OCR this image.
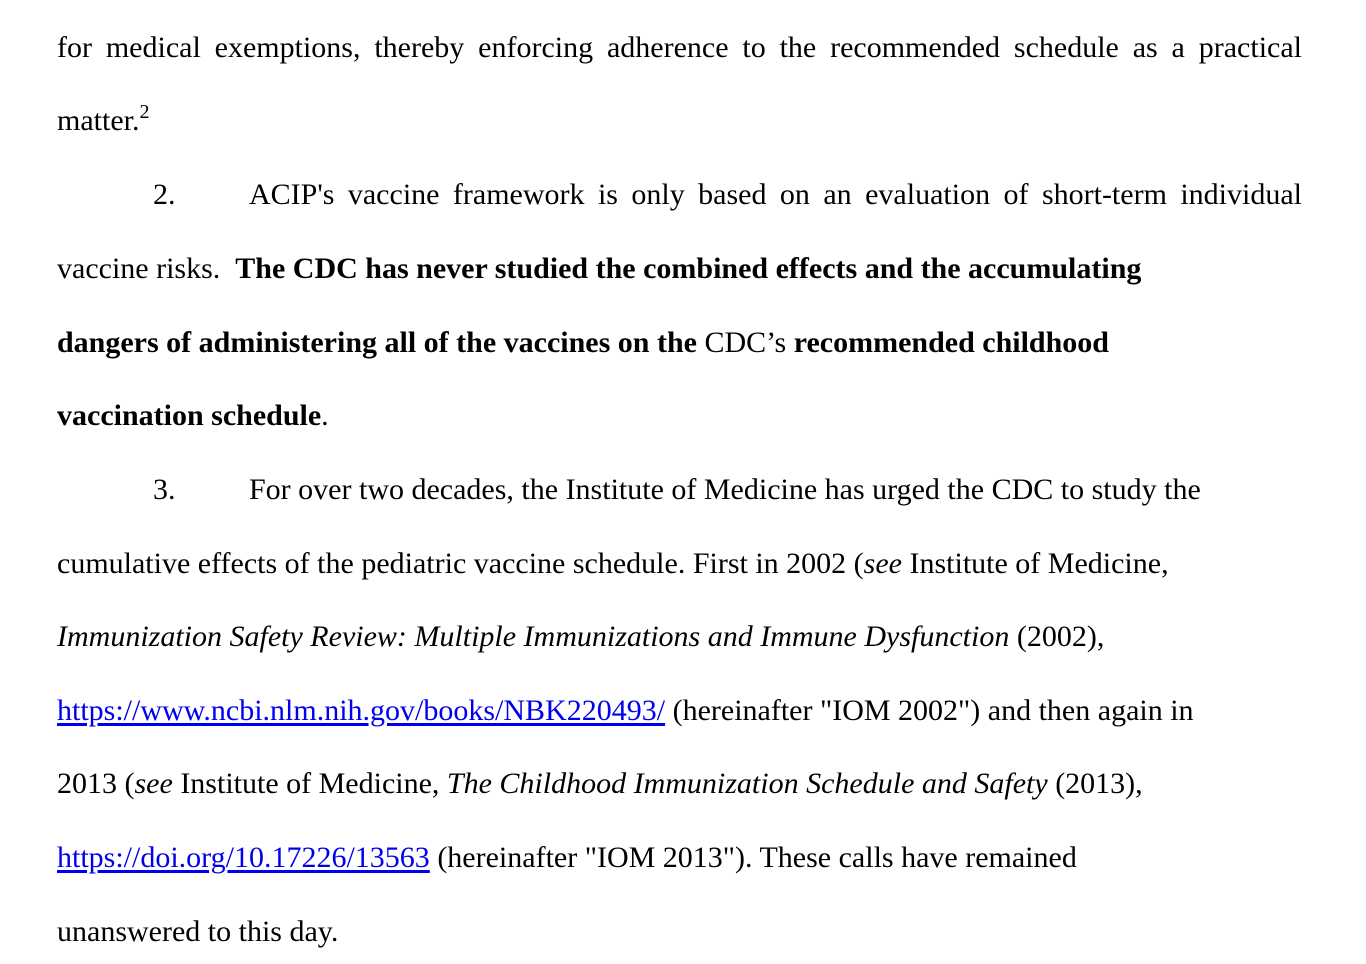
for medical exemptions, thereby enforcing adherence to the recommended schedule as a practical
matter.$^2$
2. ACIP's vaccine framework is only based on an evaluation of short-term individual
vaccine risks. The CDC has never studied the combined effects and the accumulating
dangers of administering all of the vaccines on the CDC’s recommended childhood
vaccination schedule.
3. For over two decades, the Institute of Medicine has urged the CDC to study the
cumulative effects of the pediatric vaccine schedule. First in 2002 (see Institute of Medicine,
Immunization Safety Review: Multiple Immunizations and Immune Dysfunction (2002),
https://www.ncbi.nlm.nih.gov/books/NBK220493/ (hereinafter "IOM 2002") and then again in
2013 (see Institute of Medicine, The Childhood Immunization Schedule and Safety (2013),
https://doi.org/10.17226/13563 (hereinafter "IOM 2013"). These calls have remained
unanswered to this day.
